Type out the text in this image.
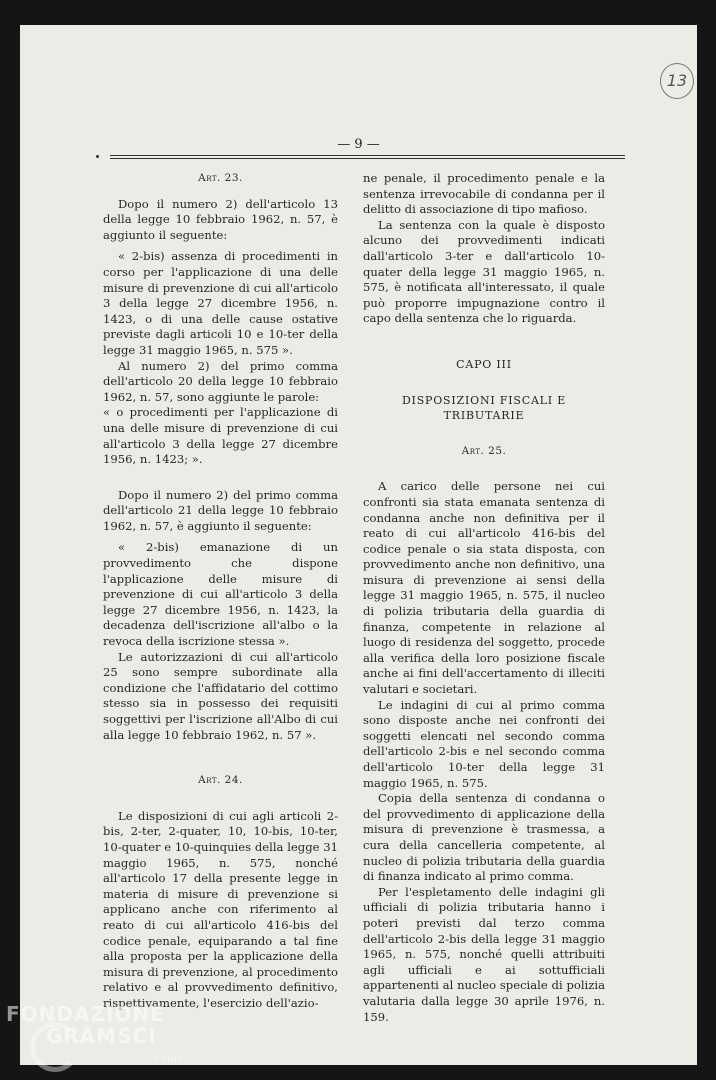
13
— 9 —
Art. 23.

Dopo il numero 2) dell'articolo 13 della legge 10 febbraio 1962, n. 57, è aggiunto il seguente:

« 2-bis) assenza di procedimenti in corso per l'applicazione di una delle misure di prevenzione di cui all'articolo 3 della legge 27 dicembre 1956, n. 1423, o di una delle cause ostative previste dagli articoli 10 e 10-ter della legge 31 maggio 1965, n. 575 ».

Al numero 2) del primo comma dell'articolo 20 della legge 10 febbraio 1962, n. 57, sono aggiunte le parole:

« o procedimenti per l'applicazione di una delle misure di prevenzione di cui all'articolo 3 della legge 27 dicembre 1956, n. 1423; ».

Dopo il numero 2) del primo comma dell'articolo 21 della legge 10 febbraio 1962, n. 57, è aggiunto il seguente:

« 2-bis) emanazione di un provvedimento che dispone l'applicazione delle misure di prevenzione di cui all'articolo 3 della legge 27 dicembre 1956, n. 1423, la decadenza dell'iscrizione all'albo o la revoca della iscrizione stessa ».

Le autorizzazioni di cui all'articolo 25 sono sempre subordinate alla condizione che l'affidatario del cottimo stesso sia in possesso dei requisiti soggettivi per l'iscrizione all'Albo di cui alla legge 10 febbraio 1962, n. 57 ».

Art. 24.

Le disposizioni di cui agli articoli 2-bis, 2-ter, 2-quater, 10, 10-bis, 10-ter, 10-quater e 10-quinquies della legge 31 maggio 1965, n. 575, nonché all'articolo 17 della presente legge in materia di misure di prevenzione si applicano anche con riferimento al reato di cui all'articolo 416-bis del codice penale, equiparando a tal fine alla proposta per la applicazione della misura di prevenzione, al procedimento relativo e al provvedimento definitivo, rispettivamente, l'esercizio dell'azio-

ne penale, il procedimento penale e la sentenza irrevocabile di condanna per il delitto di associazione di tipo mafioso.

La sentenza con la quale è disposto alcuno dei provvedimenti indicati dall'articolo 3-ter e dall'articolo 10-quater della legge 31 maggio 1965, n. 575, è notificata all'interessato, il quale può proporre impugnazione contro il capo della sentenza che lo riguarda.

CAPO III
DISPOSIZIONI FISCALI E TRIBUTARIE
Art. 25.

A carico delle persone nei cui confronti sia stata emanata sentenza di condanna anche non definitiva per il reato di cui all'articolo 416-bis del codice penale o sia stata disposta, con provvedimento anche non definitivo, una misura di prevenzione ai sensi della legge 31 maggio 1965, n. 575, il nucleo di polizia tributaria della guardia di finanza, competente in relazione al luogo di residenza del soggetto, procede alla verifica della loro posizione fiscale anche ai fini dell'accertamento di illeciti valutari e societari.

Le indagini di cui al primo comma sono disposte anche nei confronti dei soggetti elencati nel secondo comma dell'articolo 2-bis e nel secondo comma dell'articolo 10-ter della legge 31 maggio 1965, n. 575.

Copia della sentenza di condanna o del provvedimento di applicazione della misura di prevenzione è trasmessa, a cura della cancelleria competente, al nucleo di polizia tributaria della guardia di finanza indicato al primo comma.

Per l'espletamento delle indagini gli ufficiali di polizia tributaria hanno i poteri previsti dal terzo comma dell'articolo 2-bis della legge 31 maggio 1965, n. 575, nonché quelli attribuiti agli ufficiali e ai sottufficiali appartenenti al nucleo speciale di polizia valutaria dalla legge 30 aprile 1976, n. 159.

FONDAZIONE
GRAMSCI
onlus
